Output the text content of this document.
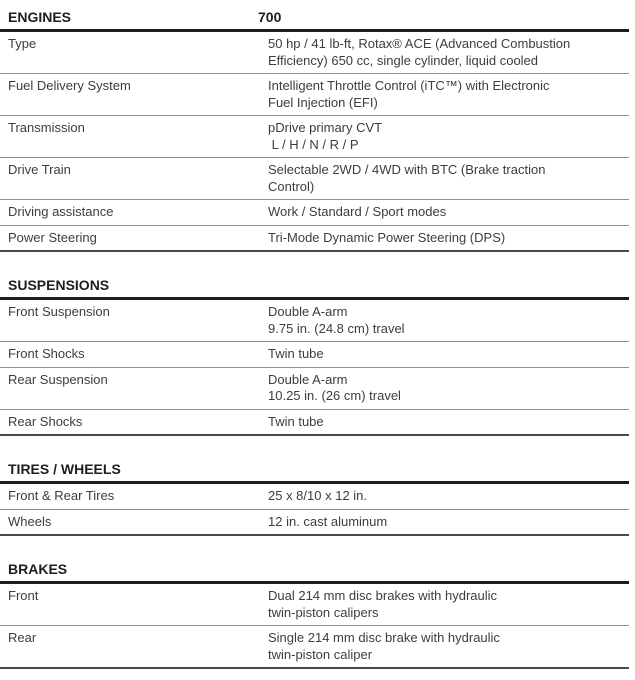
ENGINES	700
Type	50 hp / 41 lb-ft, Rotax® ACE (Advanced Combustion
Efficiency) 650 cc, single cylinder, liquid cooled
Fuel Delivery System	Intelligent Throttle Control (iTC™) with Electronic
Fuel Injection (EFI)
Transmission	pDrive primary CVT
L / H / N / R / P
Drive Train	Selectable 2WD / 4WD with BTC (Brake traction
Control)
Driving assistance	Work / Standard / Sport modes
Power Steering	Tri-Mode Dynamic Power Steering (DPS)
SUSPENSIONS
Front Suspension	Double A-arm
9.75 in. (24.8 cm) travel
Front Shocks	Twin tube
Rear Suspension	Double A-arm
10.25 in. (26 cm) travel
Rear Shocks	Twin tube
TIRES / WHEELS
Front & Rear Tires	25 x 8/10 x 12 in.
Wheels	12 in. cast aluminum
BRAKES
Front	Dual 214 mm disc brakes with hydraulic
twin-piston calipers
Rear	Single 214 mm disc brake with hydraulic
twin-piston caliper
